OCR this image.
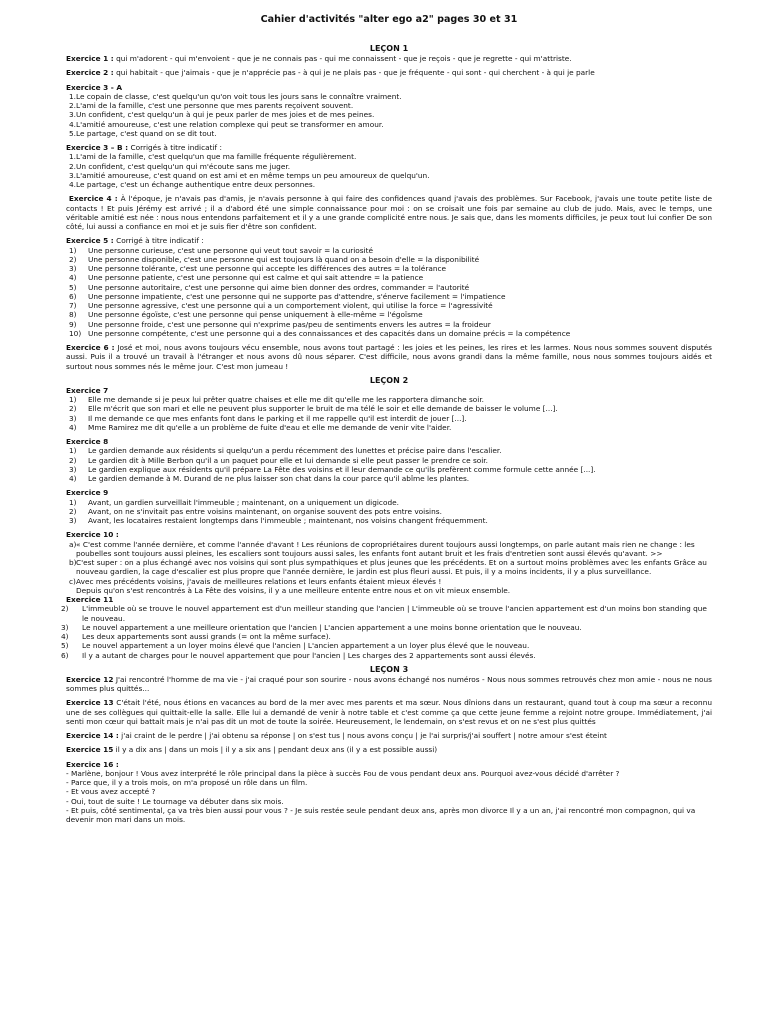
Cahier d'activités "alter ego a2" pages 30 et 31
LEÇON 1
Exercice 1 : qui m'adorent - qui m'envoient - que je ne connais pas - qui me connaissent - que je reçois - que je regrette - qui m'attriste.
Exercice 2 : qui habitait - que j'aimais - que je n'apprécie pas - à qui je ne plais pas - que je fréquente - qui sont - qui cherchent - à qui je parle
Exercice 3 - A
1. Le copain de classe, c'est quelqu'un qu'on voit tous les jours sans le connaître vraiment.
2. L'ami de la famille, c'est une personne que mes parents reçoivent souvent.
3. Un confident, c'est quelqu'un à qui je peux parler de mes joies et de mes peines.
4. L'amitié amoureuse, c'est une relation complexe qui peut se transformer en amour.
5. Le partage, c'est quand on se dit tout.
Exercice 3 – B : Corrigés à titre indicatif :
1. L'ami de la famille, c'est quelqu'un que ma famille fréquente régulièrement.
2. Un confident, c'est quelqu'un qui m'écoute sans me juger.
3. L'amitié amoureuse, c'est quand on est ami et en même temps un peu amoureux de quelqu'un.
4. Le partage, c'est un échange authentique entre deux personnes.
Exercice 4 : À l'époque, je n'avais pas d'amis, je n'avais personne à qui faire des confidences quand j'avais des problèmes. Sur Facebook, j'avais une toute petite liste de contacts ! Et puis Jérémy est arrivé ; il a d'abord été une simple connaissance pour moi : on se croisait une fois par semaine au club de judo. Mais, avec le temps, une véritable amitié est née : nous nous entendons parfaitement et il y a une grande complicité entre nous. Je sais que, dans les moments difficiles, je peux tout lui confier De son côté, lui aussi a confiance en moi et je suis fier d'être son confident.
Exercice 5 : Corrigé à titre indicatif :
1) Une personne curieuse, c'est une personne qui veut tout savoir = la curiosité
2) Une personne disponible, c'est une personne qui est toujours là quand on a besoin d'elle = la disponibilité
3) Une personne tolérante, c'est une personne qui accepte les différences des autres = la tolérance
4) Une personne patiente, c'est une personne qui est calme et qui sait attendre = la patience
5) Une personne autoritaire, c'est une personne qui aime bien donner des ordres, commander = l'autorité
6) Une personne impatiente, c'est une personne qui ne supporte pas d'attendre, s'énerve facilement = l'impatience
7) Une personne agressive, c'est une personne qui a un comportement violent, qui utilise la force = l'agressivité
8) Une personne égoïste, c'est une personne qui pense uniquement à elle-même = l'égoïsme
9) Une personne froide, c'est une personne qui n'exprime pas/peu de sentiments envers les autres = la froideur
10) Une personne compétente, c'est une personne qui a des connaissances et des capacités dans un domaine précis = la compétence
Exercice 6 : José et moi, nous avons toujours vécu ensemble, nous avons tout partagé : les joies et les peines, les rires et les larmes. Nous nous sommes souvent disputés aussi. Puis il a trouvé un travail à l'étranger et nous avons dû nous séparer. C'est difficile, nous avons grandi dans la même famille, nous nous sommes toujours aidés et surtout nous sommes nés le même jour. C'est mon jumeau !
LEÇON 2
Exercice 7
1) Elle me demande si je peux lui prêter quatre chaises et elle me dit qu'elle me les rapportera dimanche soir.
2) Elle m'écrit que son mari et elle ne peuvent plus supporter le bruit de ma télé le soir et elle demande de baisser le volume [...].
3) Il me demande ce que mes enfants font dans le parking et il me rappelle qu'il est interdit de jouer [...].
4) Mme Ramirez me dit qu'elle a un problème de fuite d'eau et elle me demande de venir vite l'aider.
Exercice 8
1) Le gardien demande aux résidents si quelqu'un a perdu récemment des lunettes et précise paire dans l'escalier.
2) Le gardien dit à Mille Berbon qu'il a un paquet pour elle et lui demande si elle peut passer le prendre ce soir.
3) Le gardien explique aux résidents qu'il prépare La Fête des voisins et il leur demande ce qu'ils prefèrent comme formule cette année [...].
4) Le gardien demande à M. Durand de ne plus laisser son chat dans la cour parce qu'il abîme les plantes.
Exercice 9
1) Avant, un gardien surveillait l'immeuble ; maintenant, on a uniquement un digicode.
2) Avant, on ne s'invitait pas entre voisins maintenant, on organise souvent des pots entre voisins.
3) Avant, les locataires restaient longtemps dans l'immeuble ; maintenant, nos voisins changent fréquemment.
Exercice 10 :
a) « C'est comme l'année dernière, et comme l'année d'avant ! Les réunions de copropriétaires durent toujours aussi longtemps, on parle autant mais rien ne change : les poubelles sont toujours aussi pleines, les escaliers sont toujours aussi sales, les enfants font autant bruit et les frais d'entretien sont aussi élevés qu'avant. >>
b) C'est super : on a plus échangé avec nos voisins qui sont plus sympathiques et plus jeunes que les précédents. Et on a surtout moins problèmes avec les enfants Grâce au nouveau gardien, la cage d'escalier est plus propre que l'année dernière, le jardin est plus fleuri aussi. Et puis, il y a moins incidents, il y a plus surveillance.
c) Avec mes précédents voisins, j'avais de meilleures relations et leurs enfants étaient mieux élevés !
Depuis qu'on s'est rencontrés à La Fête des voisins, il y a une meilleure entente entre nous et on vit mieux ensemble.
Exercice 11
2) L'immeuble où se trouve le nouvel appartement est d'un meilleur standing que l'ancien | L'immeuble où se trouve l'ancien appartement est d'un moins bon standing que le nouveau.
3) Le nouvel appartement a une meilleure orientation que l'ancien | L'ancien appartement a une moins bonne orientation que le nouveau.
4) Les deux appartements sont aussi grands (= ont la même surface).
5) Le nouvel appartement a un loyer moins élevé que l'ancien | L'ancien appartement a un loyer plus élevé que le nouveau.
6) Il y a autant de charges pour le nouvel appartement que pour l'ancien | Les charges des 2 appartements sont aussi élevés.
LEÇON 3
Exercice 12 J'ai rencontré l'homme de ma vie - j'ai craqué pour son sourire - nous avons échangé nos numéros - Nous nous sommes retrouvés chez mon amie - nous ne nous sommes plus quittés...
Exercice 13 C'était l'été, nous étions en vacances au bord de la mer avec mes parents et ma sœur. Nous dînions dans un restaurant, quand tout à coup ma sœur a reconnu une de ses collègues qui quittait-elle la salle. Elle lui a demandé de venir à notre table et c'est comme ça que cette jeune femme a rejoint notre groupe. Immédiatement, j'ai senti mon cœur qui battait mais je n'ai pas dit un mot de toute la soirée. Heureusement, le lendemain, on s'est revus et on ne s'est plus quittés
Exercice 14 : j'ai craint de le perdre | j'ai obtenu sa réponse | on s'est tus | nous avons conçu | je l'ai surpris/j'ai souffert | notre amour s'est éteint
Exercice 15 il y a dix ans | dans un mois | il y a six ans | pendant deux ans (il y a est possible aussi)
Exercice 16 :
- Marlène, bonjour ! Vous avez interprété le rôle principal dans la pièce à succès Fou de vous pendant deux ans. Pourquoi avez-vous décidé d'arrêter ?
- Parce que, il y a trois mois, on m'a proposé un rôle dans un film.
- Et vous avez accepté ?
- Oui, tout de suite ! Le tournage va débuter dans six mois.
- Et puis, côté sentimental, ça va très bien aussi pour vous ? - Je suis restée seule pendant deux ans, après mon divorce Il y a un an, j'ai rencontré mon compagnon, qui va devenir mon mari dans un mois.
